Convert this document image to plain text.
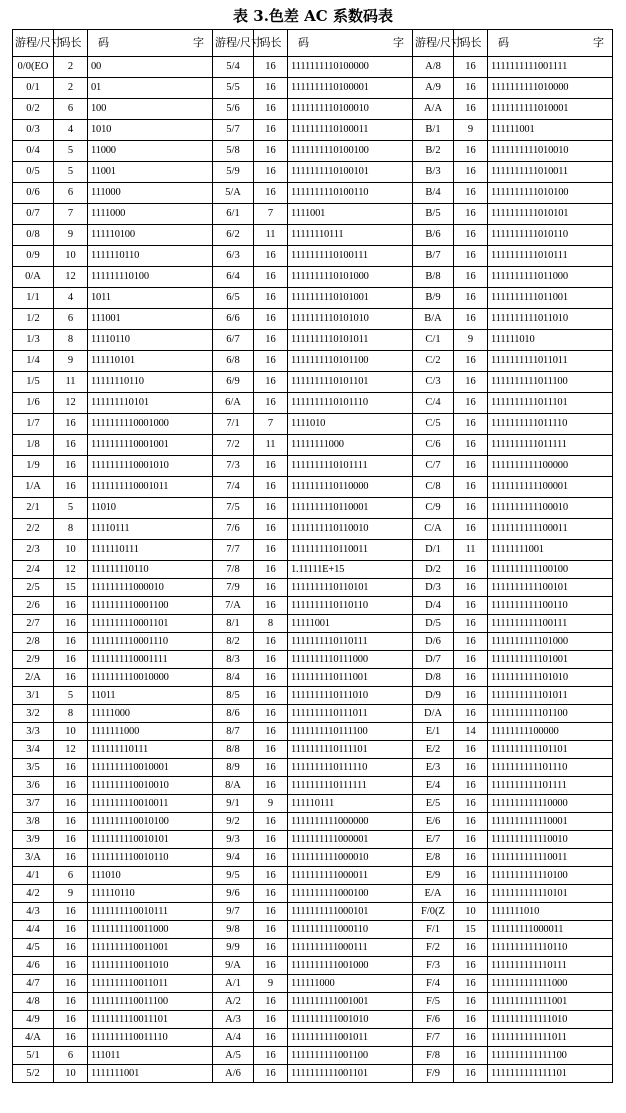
表 3.色差 AC 系数码表
游程/尺寸	码长	码 字	游程/尺寸	码长	码 字	游程/尺寸	码长	码 字

0/0(EO	2	00	5/4	16	1111111110100000	A/8	16	1111111111001111
0/1	2	01	5/5	16	1111111110100001	A/9	16	1111111111010000
0/2	6	100	5/6	16	1111111110100010	A/A	16	1111111111010001
0/3	4	1010	5/7	16	1111111110100011	B/1	9	111111001
0/4	5	11000	5/8	16	1111111110100100	B/2	16	1111111111010010
0/5	5	11001	5/9	16	1111111110100101	B/3	16	1111111111010011
0/6	6	111000	5/A	16	1111111110100110	B/4	16	1111111111010100
0/7	7	1111000	6/1	7	1111001	B/5	16	1111111111010101
0/8	9	111110100	6/2	11	11111110111	B/6	16	1111111111010110
0/9	10	1111110110	6/3	16	1111111110100111	B/7	16	1111111111010111
0/A	12	111111110100	6/4	16	1111111110101000	B/8	16	1111111111011000
1/1	4	1011	6/5	16	1111111110101001	B/9	16	1111111111011001
1/2	6	111001	6/6	16	1111111110101010	B/A	16	1111111111011010
1/3	8	11110110	6/7	16	1111111110101011	C/1	9	111111010
1/4	9	111110101	6/8	16	1111111110101100	C/2	16	1111111111011011
1/5	11	11111110110	6/9	16	1111111110101101	C/3	16	1111111111011100
1/6	12	111111110101	6/A	16	1111111110101110	C/4	16	1111111111011101
1/7	16	1111111110001000	7/1	7	1111010	C/5	16	1111111111011110
1/8	16	1111111110001001	7/2	11	11111111000	C/6	16	1111111111011111
1/9	16	1111111110001010	7/3	16	1111111110101111	C/7	16	1111111111100000
1/A	16	1111111110001011	7/4	16	1111111110110000	C/8	16	1111111111100001
2/1	5	11010	7/5	16	1111111110110001	C/9	16	1111111111100010
2/2	8	11110111	7/6	16	1111111110110010	C/A	16	1111111111100011
2/3	10	1111110111	7/7	16	1111111110110011	D/1	11	11111111001
2/4	12	111111110110	7/8	16	1.11111E+15	D/2	16	1111111111100100
2/5	15	111111111000010	7/9	16	1111111110110101	D/3	16	1111111111100101
2/6	16	1111111110001100	7/A	16	1111111110110110	D/4	16	1111111111100110
2/7	16	1111111110001101	8/1	8	11111001	D/5	16	1111111111100111
2/8	16	1111111110001110	8/2	16	1111111110110111	D/6	16	1111111111101000
2/9	16	1111111110001111	8/3	16	1111111110111000	D/7	16	1111111111101001
2/A	16	1111111110010000	8/4	16	1111111110111001	D/8	16	1111111111101010
3/1	5	11011	8/5	16	1111111110111010	D/9	16	1111111111101011
3/2	8	11111000	8/6	16	1111111110111011	D/A	16	1111111111101100
3/3	10	1111111000	8/7	16	1111111110111100	E/1	14	11111111100000
3/4	12	111111110111	8/8	16	1111111110111101	E/2	16	1111111111101101
3/5	16	1111111110010001	8/9	16	1111111110111110	E/3	16	1111111111101110
3/6	16	1111111110010010	8/A	16	1111111110111111	E/4	16	1111111111101111
3/7	16	1111111110010011	9/1	9	111110111	E/5	16	1111111111110000
3/8	16	1111111110010100	9/2	16	1111111111000000	E/6	16	1111111111110001
3/9	16	1111111110010101	9/3	16	1111111111000001	E/7	16	1111111111110010
3/A	16	1111111110010110	9/4	16	1111111111000010	E/8	16	1111111111110011
4/1	6	111010	9/5	16	1111111111000011	E/9	16	1111111111110100
4/2	9	111110110	9/6	16	1111111111000100	E/A	16	1111111111110101
4/3	16	1111111110010111	9/7	16	1111111111000101	F/0(Z	10	1111111010
4/4	16	1111111110011000	9/8	16	1111111111000110	F/1	15	111111111000011
4/5	16	1111111110011001	9/9	16	1111111111000111	F/2	16	1111111111110110
4/6	16	1111111110011010	9/A	16	1111111111001000	F/3	16	1111111111110111
4/7	16	1111111110011011	A/1	9	111111000	F/4	16	1111111111111000
4/8	16	1111111110011100	A/2	16	1111111111001001	F/5	16	1111111111111001
4/9	16	1111111110011101	A/3	16	1111111111001010	F/6	16	1111111111111010
4/A	16	1111111110011110	A/4	16	1111111111001011	F/7	16	1111111111111011
5/1	6	111011	A/5	16	1111111111001100	F/8	16	1111111111111100
5/2	10	1111111001	A/6	16	1111111111001101	F/9	16	1111111111111101
